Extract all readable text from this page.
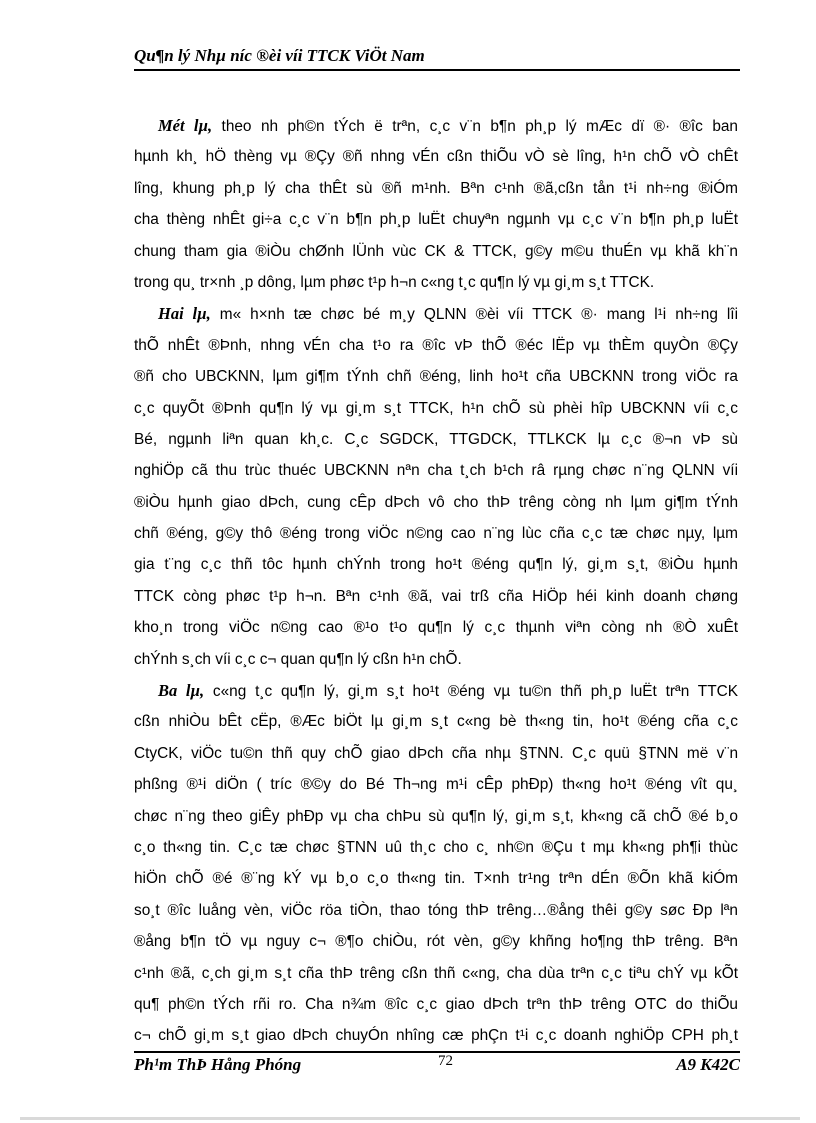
Qu¶n lý Nhµ níc ®èi víi TTCK ViÖt Nam
Mét lµ, theo nh ph©n tÝch ë trªn, c¸c v¨n b¶n ph¸p lý mÆc dï ®· ®îc ban
hµnh kh¸ hÖ thèng vµ ®Çy ®ñ nhng vÉn cßn thiÕu vÒ sè lîng, h¹n chÕ vÒ chÊt
lîng, khung ph¸p lý cha thÊt sù ®ñ m¹nh. Bªn c¹nh ®ã,cßn tån t¹i nh÷ng ®iÓm
cha thèng nhÊt gi÷a c¸c v¨n b¶n ph¸p luËt chuyªn ngµnh vµ c¸c v¨n b¶n ph¸p luËt
chung tham gia ®iÒu chØnh lÜnh vùc CK & TTCK, g©y m©u thuÉn vµ khã kh¨n
trong qu¸ tr×nh ¸p dông, lµm phøc t¹p h¬n c«ng t¸c qu¶n lý vµ gi¸m s¸t TTCK.
Hai lµ, m« h×nh tæ chøc bé m¸y QLNN ®èi víi TTCK ®· mang l¹i nh÷ng lîi
thÕ nhÊt ®Þnh, nhng vÉn cha t¹o ra ®îc vÞ thÕ ®éc lËp vµ thÈm quyÒn ®Çy
®ñ cho UBCKNN, lµm gi¶m tÝnh chñ ®éng, linh ho¹t cña UBCKNN trong viÖc ra
c¸c quyÕt ®Þnh qu¶n lý vµ gi¸m s¸t TTCK, h¹n chÕ sù phèi hîp UBCKNN víi c¸c
Bé, ngµnh liªn quan kh¸c. C¸c SGDCK, TTGDCK, TTLKCK lµ c¸c ®¬n vÞ sù
nghiÖp cã thu trùc thuéc UBCKNN nªn cha t¸ch b¹ch râ rµng chøc n¨ng QLNN víi
®iÒu hµnh giao dÞch, cung cÊp dÞch vô cho thÞ trêng còng nh lµm gi¶m tÝnh
chñ ®éng, g©y thô ®éng trong viÖc n©ng cao n¨ng lùc cña c¸c tæ chøc nµy, lµm
gia t¨ng c¸c thñ tôc hµnh chÝnh trong ho¹t ®éng qu¶n lý, gi¸m s¸t, ®iÒu hµnh
TTCK còng phøc t¹p h¬n. Bªn c¹nh ®ã, vai trß cña HiÖp héi kinh doanh chøng
kho¸n trong viÖc n©ng cao ®¹o t¹o qu¶n lý c¸c thµnh viªn còng nh ®Ò xuÊt
chÝnh s¸ch víi c¸c c¬ quan qu¶n lý cßn h¹n chÕ.
Ba lµ, c«ng t¸c qu¶n lý, gi¸m s¸t ho¹t ®éng vµ tu©n thñ ph¸p luËt trªn TTCK
cßn nhiÒu bÊt cËp, ®Æc biÖt lµ gi¸m s¸t c«ng bè th«ng tin, ho¹t ®éng cña c¸c
CtyCK, viÖc tu©n thñ quy chÕ giao dÞch cña nhµ §TNN. C¸c quü §TNN më v¨n
phßng ®¹i diÖn ( tríc ®©y do Bé Th¬ng m¹i cÊp phÐp) th«ng ho¹t ®éng vît qu¸
chøc n¨ng theo giÊy phÐp vµ cha chÞu sù qu¶n lý, gi¸m s¸t, kh«ng cã chÕ ®é b¸o
c¸o th«ng tin. C¸c tæ chøc §TNN uû th¸c cho c¸ nh©n ®Çu t mµ kh«ng ph¶i thùc
hiÖn chÕ ®é ®¨ng kÝ vµ b¸o c¸o th«ng tin. T×nh tr¹ng trªn dÉn ®Õn khã kiÓm
so¸t ®îc luång vèn, viÖc röa tiÒn, thao tóng thÞ trêng…®ång thêi g©y søc Ðp lªn
®ång b¶n tÖ vµ nguy c¬ ®¶o chiÒu, rót vèn, g©y khñng ho¶ng thÞ trêng. Bªn
c¹nh ®ã, c¸ch gi¸m s¸t cña thÞ trêng cßn thñ c«ng, cha dùa trªn c¸c tiªu chÝ vµ kÕt
qu¶ ph©n tÝch rñi ro. Cha n¾m ®îc c¸c giao dÞch trªn thÞ trêng OTC do thiÕu
c¬ chÕ gi¸m s¸t giao dÞch chuyÓn nhîng cæ phÇn t¹i c¸c doanh nghiÖp CPH ph¸t
Ph¹m ThÞ Hång Phóng	72	A9 K42C
